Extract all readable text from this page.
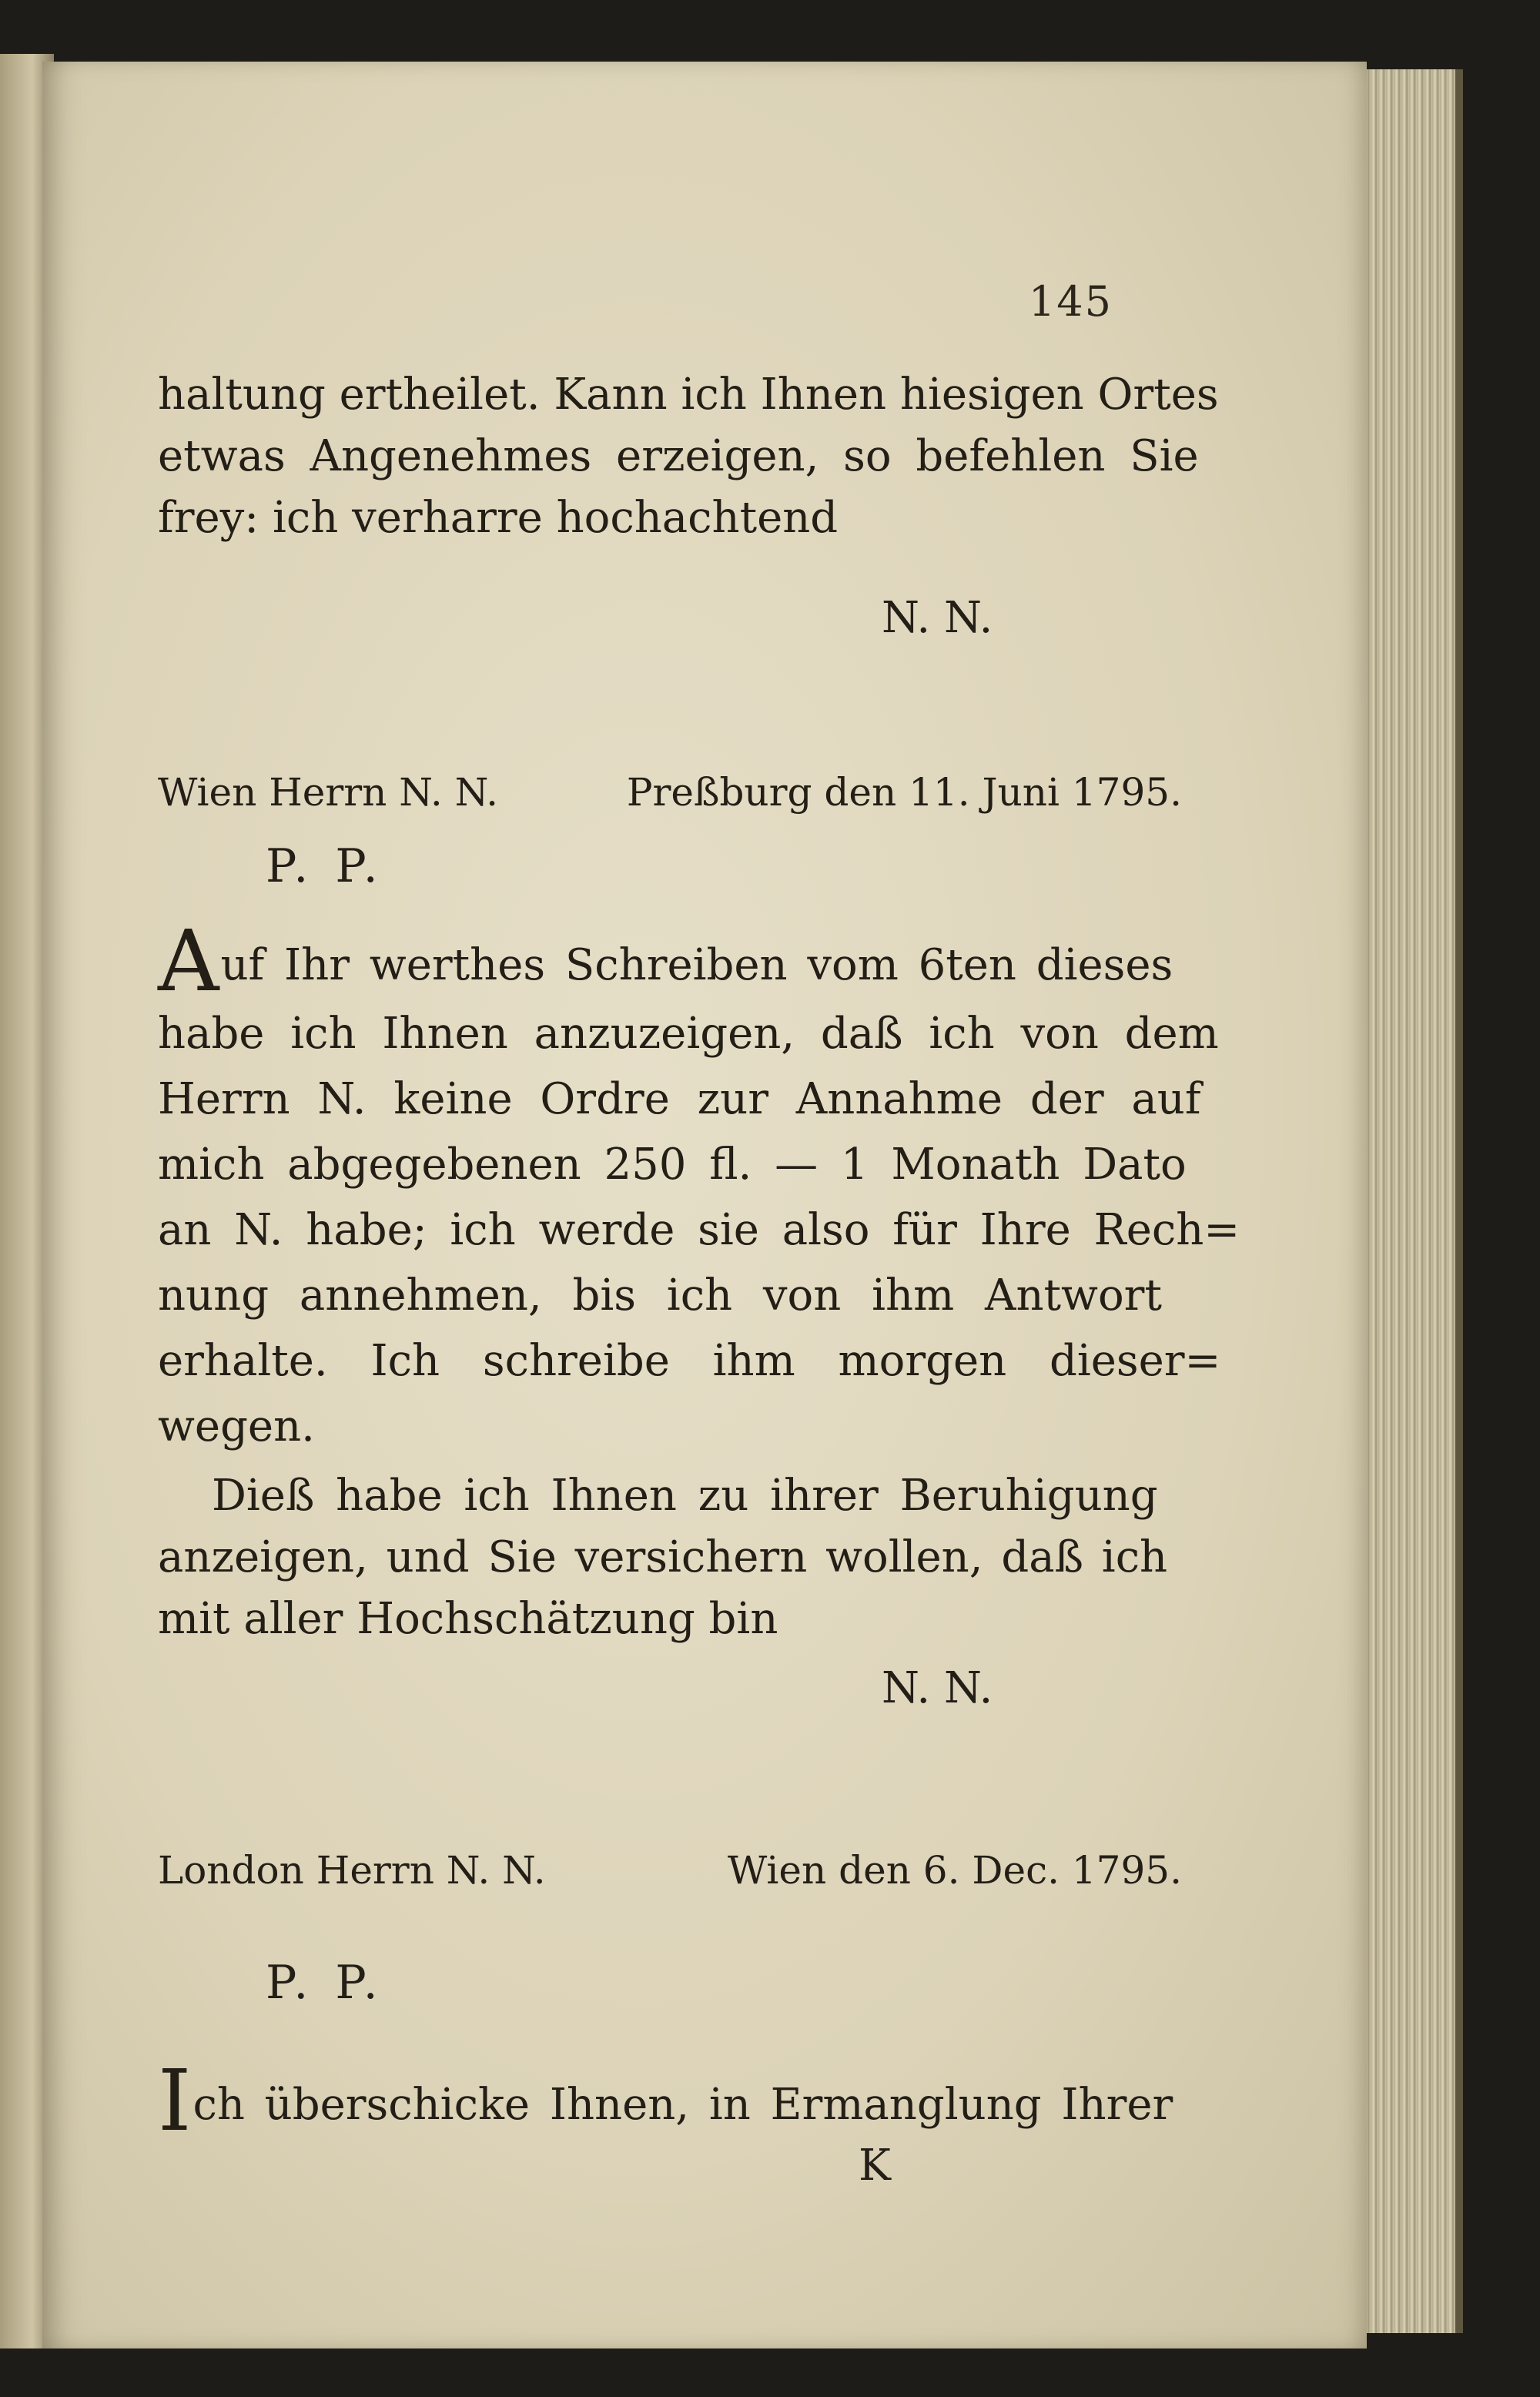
145
haltung ertheilet. Kann ich Ihnen hiesigen Ortes
etwas Angenehmes erzeigen, so befehlen Sie
frey: ich verharre hochachtend
N. N.
Wien Herrn N. N.	Preßburg den 11. Juni 1795.
P. P.
Auf Ihr werthes Schreiben vom 6ten dieses
habe ich Ihnen anzuzeigen, daß ich von dem
Herrn N. keine Ordre zur Annahme der auf
mich abgegebenen 250 fl. — 1 Monath Dato
an N. habe; ich werde sie also für Ihre Rech=
nung annehmen, bis ich von ihm Antwort
erhalte. Ich schreibe ihm morgen dieser=
wegen.
Dieß habe ich Ihnen zu ihrer Beruhigung
anzeigen, und Sie versichern wollen, daß ich
mit aller Hochschätzung bin
N. N.
London Herrn N. N.	Wien den 6. Dec. 1795.
P. P.
Ich überschicke Ihnen, in Ermanglung Ihrer
K
